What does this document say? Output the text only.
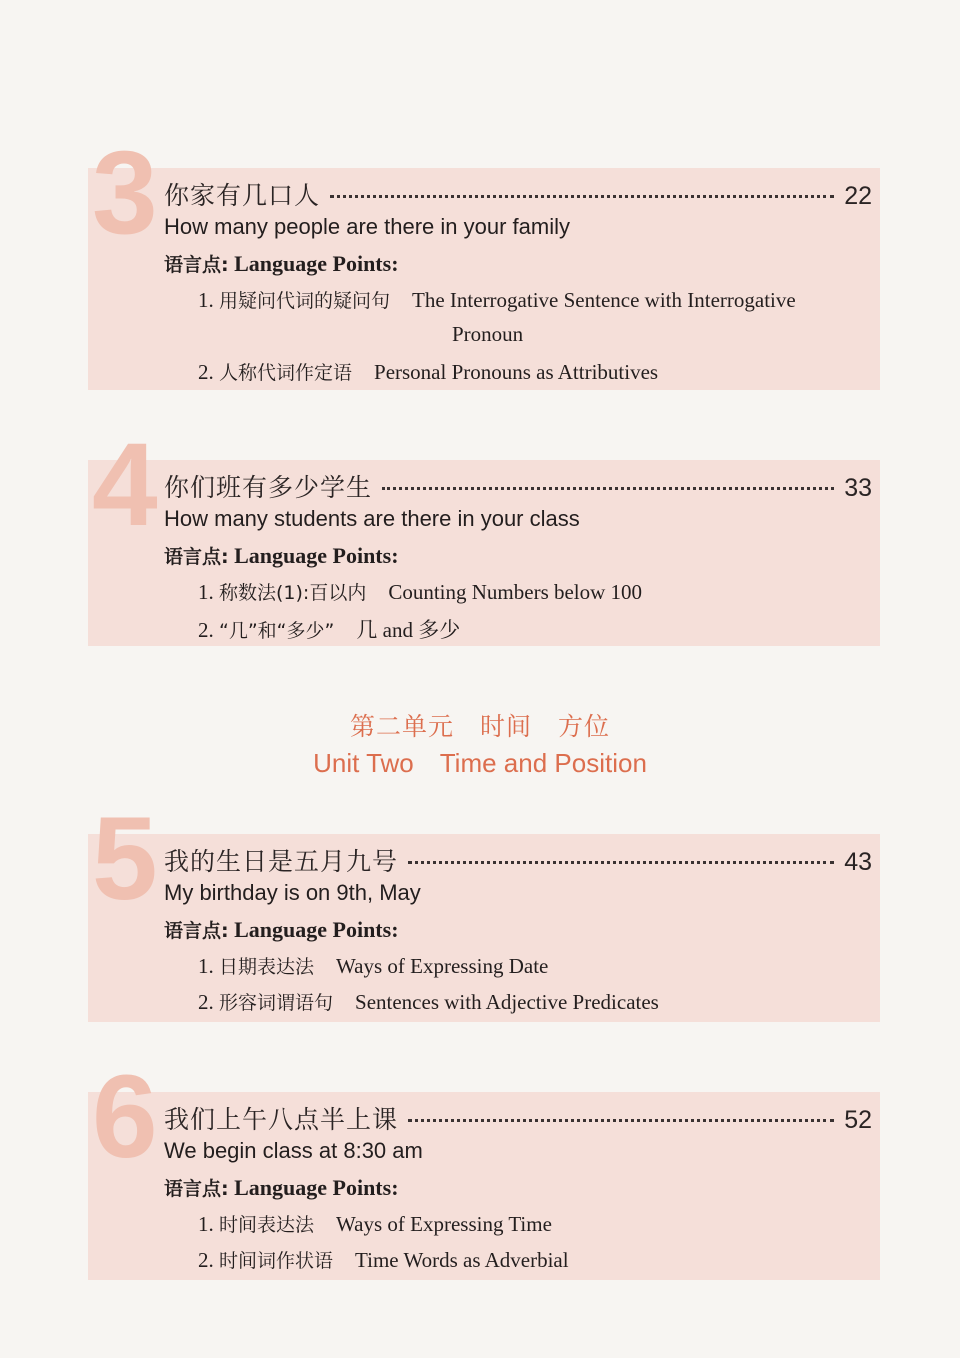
3 你家有几口人	22
How many people are there in your family
语言点: Language Points:
1. 用疑问代词的疑问句 The Interrogative Sentence with Interrogative
Pronoun
2. 人称代词作定语 Personal Pronouns as Attributives
4 你们班有多少学生	33
How many students are there in your class
语言点: Language Points:
1. 称数法(1):百以内 Counting Numbers below 100
2. “几”和“多少” 几 and 多少
第二单元 时间 方位
Unit Two Time and Position
5 我的生日是五月九号	43
My birthday is on 9th, May
语言点: Language Points:
1. 日期表达法 Ways of Expressing Date
2. 形容词谓语句 Sentences with Adjective Predicates
6 我们上午八点半上课	52
We begin class at 8:30 am
语言点: Language Points:
1. 时间表达法 Ways of Expressing Time
2. 时间词作状语 Time Words as Adverbial
